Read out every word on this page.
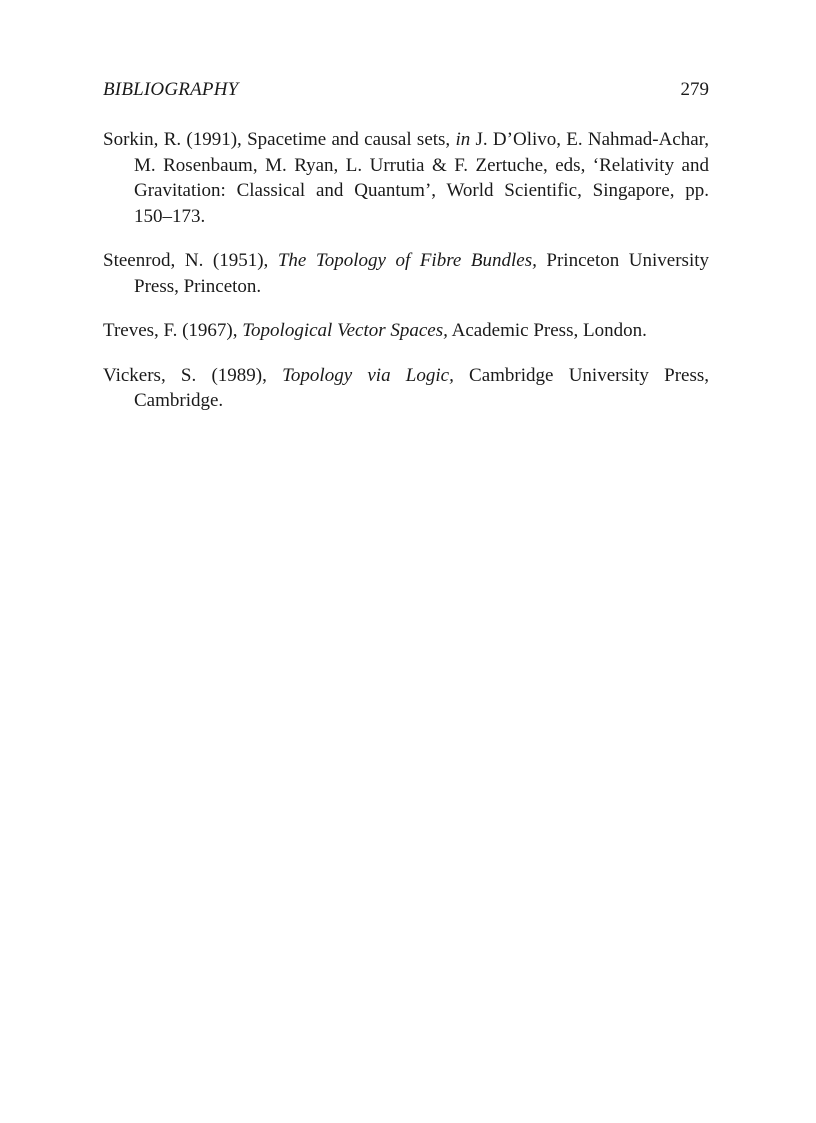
BIBLIOGRAPHY	279
Sorkin, R. (1991), Spacetime and causal sets, in J. D’Olivo, E. Nahmad-Achar, M. Rosenbaum, M. Ryan, L. Urrutia & F. Zertuche, eds, ‘Relativity and Gravitation: Classical and Quantum’, World Scientific, Singapore, pp. 150–173.
Steenrod, N. (1951), The Topology of Fibre Bundles, Princeton University Press, Princeton.
Treves, F. (1967), Topological Vector Spaces, Academic Press, London.
Vickers, S. (1989), Topology via Logic, Cambridge University Press, Cambridge.
